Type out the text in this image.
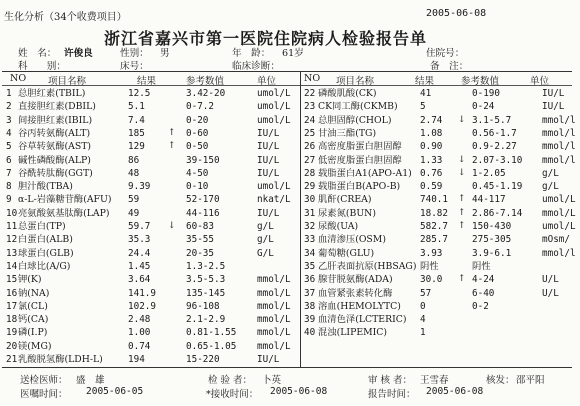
生化分析（34个收费项目）	2005-06-08
浙江省嘉兴市第一医院住院病人检验报告单
姓　名： 许俊良	性别： 男	年　龄： 61岁	住院号：
科　　别：	床号：	临床诊断：	备　注：
NO 项目名称	结果	参考数值	单位	NO 项目名称	结果	参考数值	单位
1 总胆红素(TBIL)	12.5	3.42-20	umol/L
2 直接胆红素(DBIL)	5.1	0-7.2	umol/L
3 间接胆红素(IBIL)	7.4	0-20	umol/L
4 谷丙转氨酶(ALT)	185	↑ 0-60	IU/L
5 谷草转氨酶(AST)	129	↑ 0-50	IU/L
6 碱性磷酸酶(ALP)	86	39-150	IU/L
7 谷酰转肽酶(GGT)	48	4-50	IU/L
8 胆汁酸(TBA)	9.39	0-10	umol/L
9 α-L-岩藻糖苷酶(AFU) 59	52-170	nkat/L
10 亮氨酸氨基肽酶(LAP) 49	44-116	IU/L
11 总蛋白(TP)	59.7 ↓ 60-83	g/L
12 白蛋白(ALB)	35.3	35-55	g/L
13 球蛋白(GLB)	24.4	20-35	G/L
14 白球比(A/G)	1.45	1.3-2.5
15 钾(K)	3.64	3.5-5.3	mmol/L
16 钠(NA)	141.9	135-145	mmol/L
17 氯(CL)	102.9	96-108	mmol/L
18 钙(CA)	2.48	2.1-2.9	mmol/L
19 磷(I.P)	1.00	0.81-1.55 mmol/L
20 镁(MG)	0.74	0.65-1.05 mmol/L
21 乳酸脱氢酶(LDH-L)	194	15-220	IU/L
22 磷酸肌酸(CK)	41	0-190	IU/L
23 CK同工酶(CKMB) 5	0-24	IU/L
24 总胆固醇(CHOL)	2.74 ↓ 3.1-5.7	mmol/l
25 甘油三酯(TG)	1.08	0.56-1.7	mmol/l
26 高密度脂蛋白胆固醇 0.90	0.9-2.27	mmol/l
27 低密度脂蛋白胆固醇 1.33 ↓ 2.07-3.10 mmol/l
28 载脂蛋白A1(APO-A1) 0.76 ↓ 1-2.05	g/L
29 载脂蛋白B(APO-B) 0.59	0.45-1.19 g/L
30 肌酐(CREA)	740.1 ↑ 44-117	umol/L
31 尿素氮(BUN)	18.82 ↑ 2.86-7.14 mmol/L
32 尿酸(UA)	582.7 ↑ 150-430	umol/L
33 血清渗压(OSM)	285.7	275-305	mOsm/
34 葡萄糖(GLU)	3.93	3.9-6.1	mmol/l
35 乙肝表面抗原(HBSAG) 阴性	阴性
36 腺苷脱氨酶(ADA)	30.0 ↑ 4-24	U/L
37 血管紧张素转化酶	57	6-40	U/L
38 溶血(HEMOLYTC) 0	0-2
39 血清色泽(LCTERIC) 4
40 混浊(LIPEMIC)	1
送检医师： 盛　雄	检 验 者： 卜英	审 核 者： 王雪春	核发： 邵平阳
医嘱时间： 2005-06-05	*接收时间： 2005-06-08	报告时间： 2005-06-08
